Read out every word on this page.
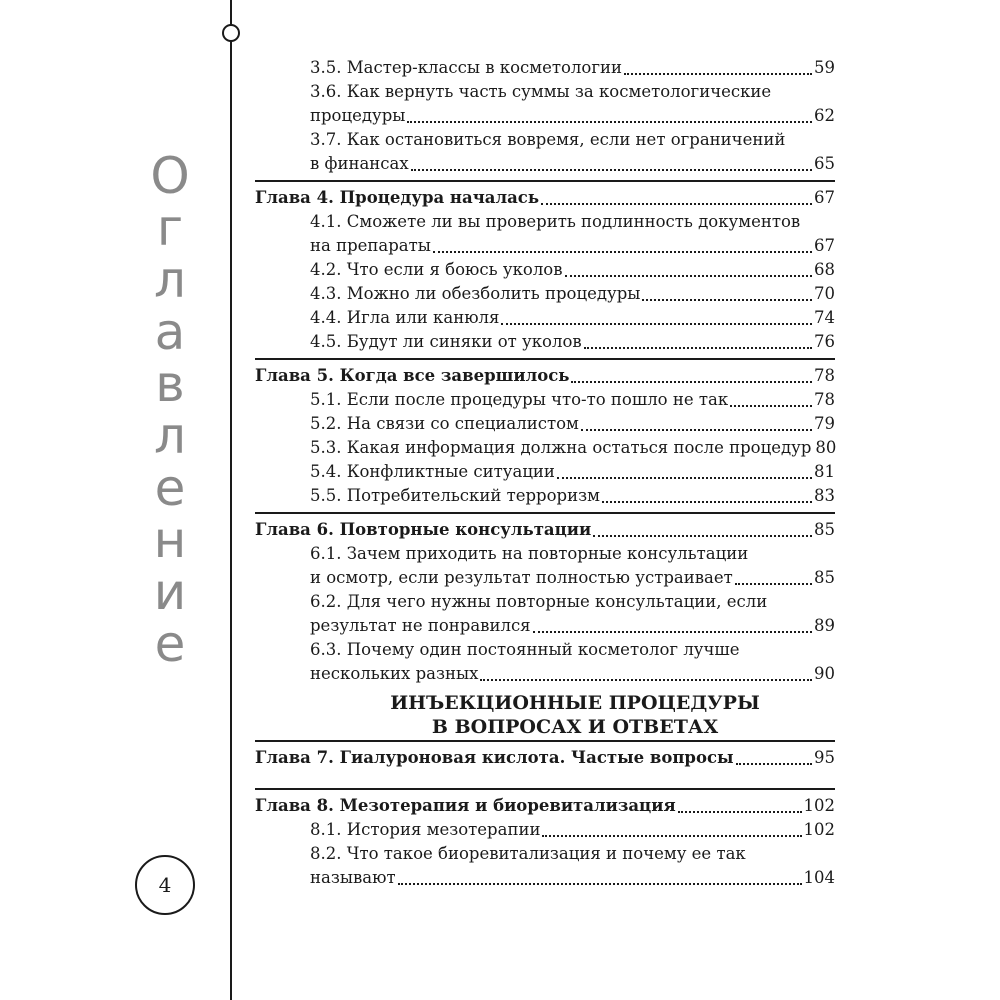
О
г
л
а
в
л
е
н
и
е
4
3.5. Мастер-классы в косметологии	59
3.6. Как вернуть часть суммы за косметологические
процедуры	62
3.7. Как остановиться вовремя, если нет ограничений
в финансах	65
Глава 4. Процедура началась	67
4.1. Сможете ли вы проверить подлинность документов
на препараты	67
4.2. Что если я боюсь уколов	68
4.3. Можно ли обезболить процедуры	70
4.4. Игла или канюля	74
4.5. Будут ли синяки от уколов	76
Глава 5. Когда все завершилось	78
5.1. Если после процедуры что-то пошло не так	78
5.2. На связи со специалистом	79
5.3. Какая информация должна остаться после процедур 80
5.4. Конфликтные ситуации	81
5.5. Потребительский терроризм	83
Глава 6. Повторные консультации	85
6.1. Зачем приходить на повторные консультации
и осмотр, если результат полностью устраивает	85
6.2. Для чего нужны повторные консультации, если
результат не понравился	89
6.3. Почему один постоянный косметолог лучше
нескольких разных	90
ИНЪЕКЦИОННЫЕ ПРОЦЕДУРЫ
В ВОПРОСАХ И ОТВЕТАХ
Глава 7. Гиалуроновая кислота. Частые вопросы	95
Глава 8. Мезотерапия и биоревитализация	102
8.1. История мезотерапии	102
8.2. Что такое биоревитализация и почему ее так
называют	104
